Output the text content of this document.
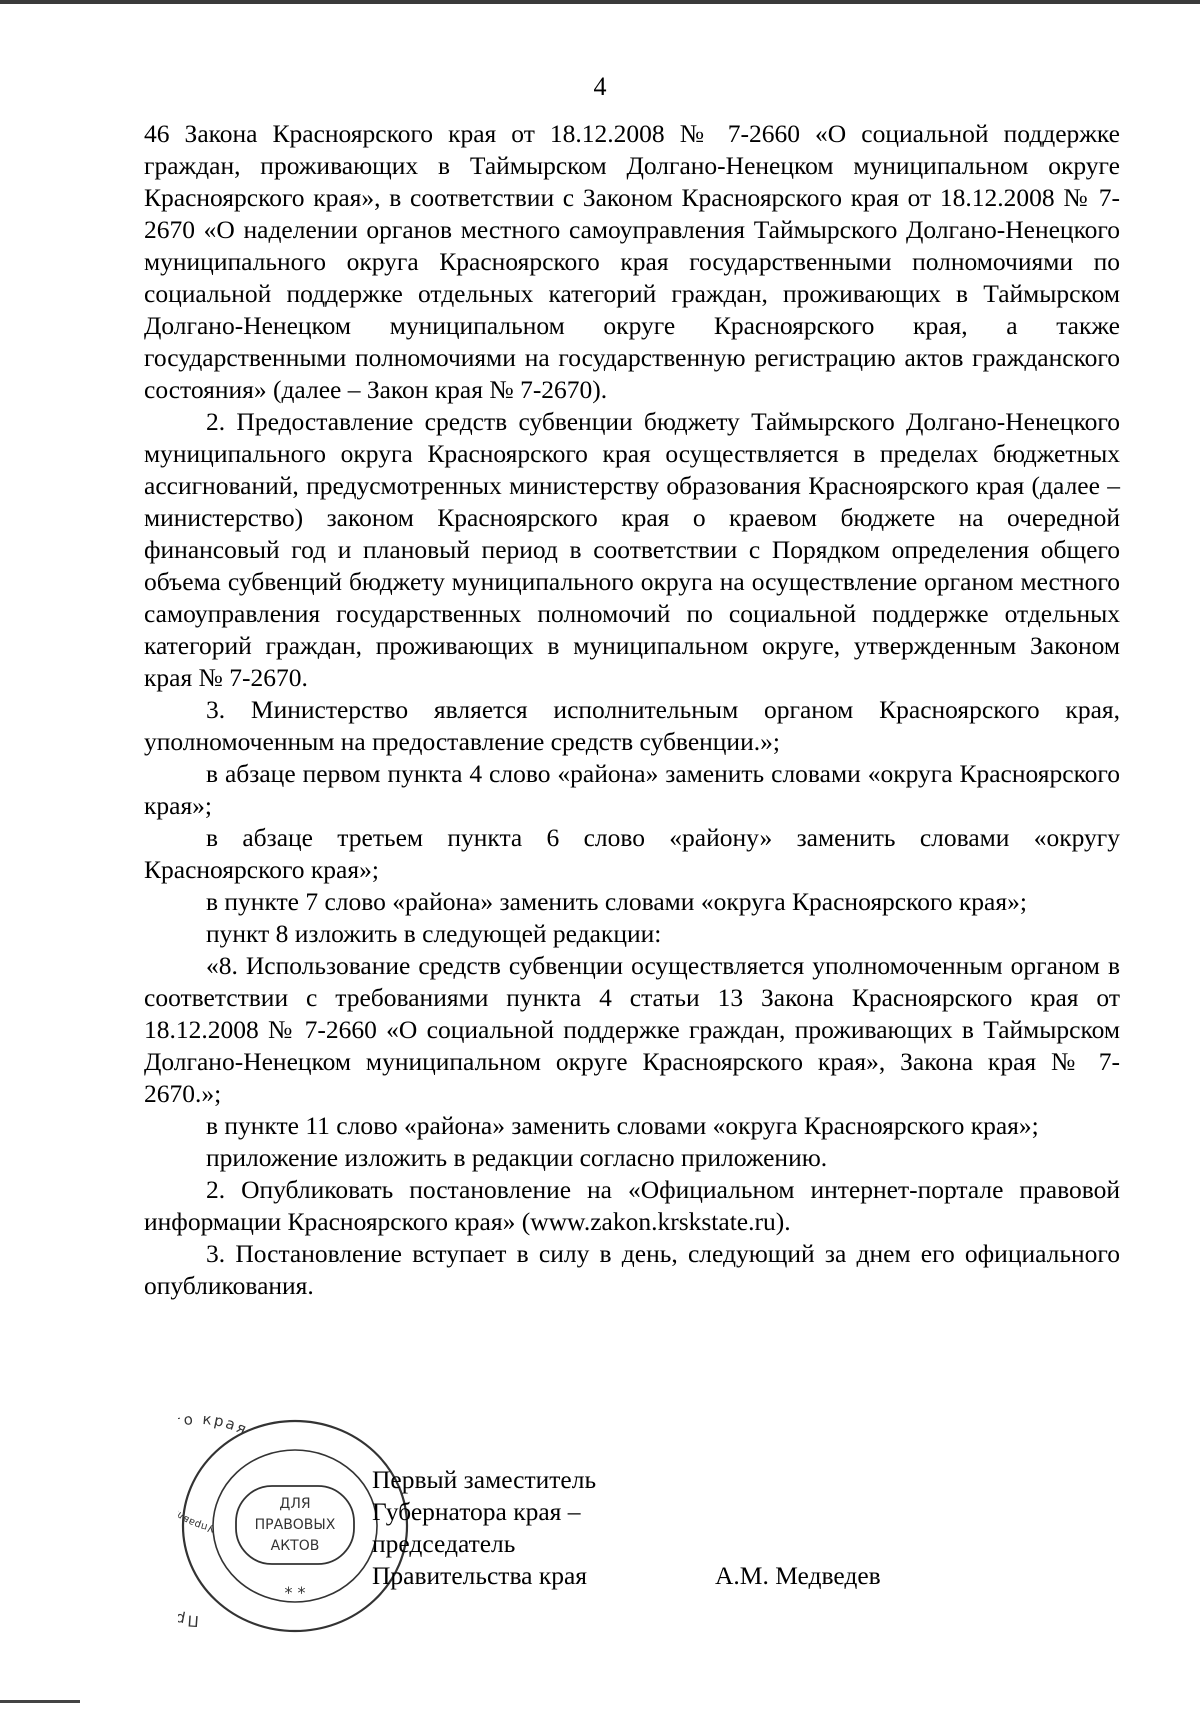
4

46 Закона Красноярского края от 18.12.2008 № 7-2660 «О социальной поддержке граждан, проживающих в Таймырском Долгано-Ненецком муниципальном округе Красноярского края», в соответствии с Законом Красноярского края от 18.12.2008 № 7-2670 «О наделении органов местного самоуправления Таймырского Долгано-Ненецкого муниципального округа Красноярского края государственными полномочиями по социальной поддержке отдельных категорий граждан, проживающих в Таймырском Долгано-Ненецком муниципальном округе Красноярского края, а также государственными полномочиями на государственную регистрацию актов гражданского состояния» (далее – Закон края № 7-2670).

2. Предоставление средств субвенции бюджету Таймырского Долгано-Ненецкого муниципального округа Красноярского края осуществляется в пределах бюджетных ассигнований, предусмотренных министерству образования Красноярского края (далее – министерство) законом Красноярского края о краевом бюджете на очередной финансовый год и плановый период в соответствии с Порядком определения общего объема субвенций бюджету муниципального округа на осуществление органом местного самоуправления государственных полномочий по социальной поддержке отдельных категорий граждан, проживающих в муниципальном округе, утвержденным Законом края № 7-2670.

3. Министерство является исполнительным органом Красноярского края, уполномоченным на предоставление средств субвенции.»;

в абзаце первом пункта 4 слово «района» заменить словами «округа Красноярского края»;

в абзаце третьем пункта 6 слово «району» заменить словами «округу Красноярского края»;

в пункте 7 слово «района» заменить словами «округа Красноярского края»;

пункт 8 изложить в следующей редакции:

«8. Использование средств субвенции осуществляется уполномоченным органом в соответствии с требованиями пункта 4 статьи 13 Закона Красноярского края от 18.12.2008 № 7-2660 «О социальной поддержке граждан, проживающих в Таймырском Долгано-Ненецком муниципальном округе Красноярского края», Закона края № 7-2670.»;

в пункте 11 слово «района» заменить словами «округа Красноярского края»;

приложение изложить в редакции согласно приложению.

2. Опубликовать постановление на «Официальном интернет-портале правовой информации Красноярского края» (www.zakon.krskstate.ru).

3. Постановление вступает в силу в день, следующий за днем его официального опубликования.

ДЛЯ
ПРАВОВЫХ
АКТОВ
* *
П о края
Управ
Первый заместитель
Губернатора края –
председатель
Правительства края	А.М. Медведев
